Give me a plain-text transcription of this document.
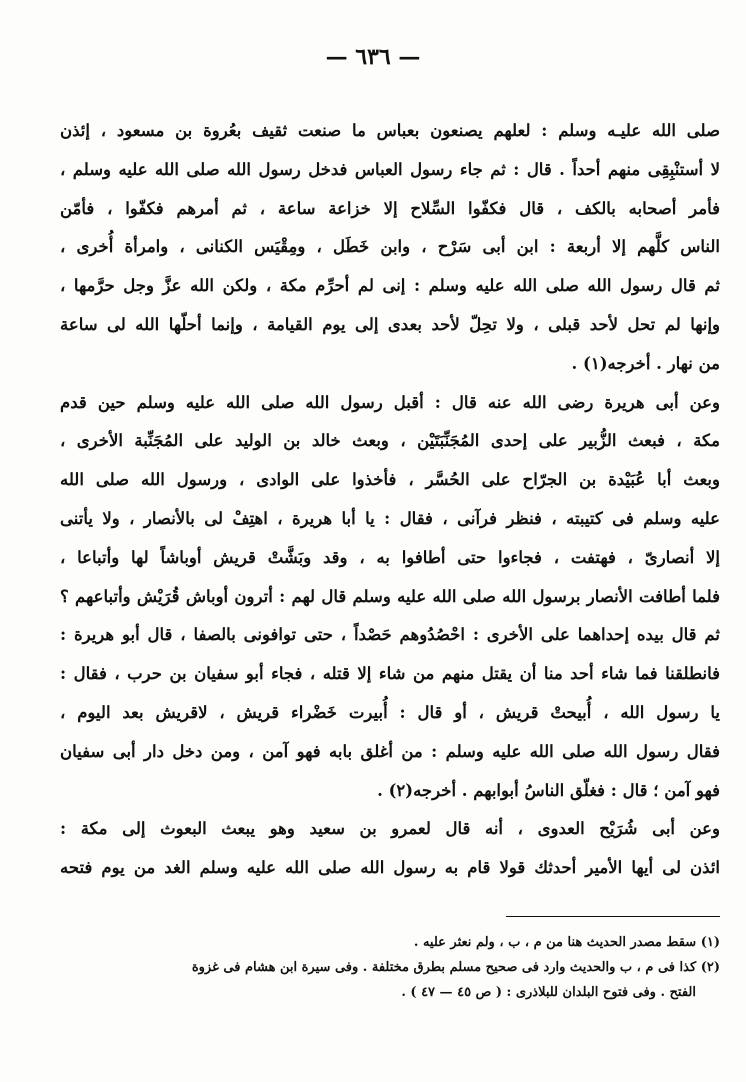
— ٦٣٦ —
صلى الله عليـه وسلم : لعلهم يصنعون بعباس ما صنعت ثقيف بعُروة بن مسعود ، إئذن
لا أستنْبِقِى منهم أحداً . قال : ثم جاء رسول العباس فدخل رسول الله صلى الله عليه وسلم ،
فأمر أصحابه بالكف ، قال فكفّوا السِّلاح إلا خزاعة ساعة ، ثم أمرهم فكفّوا ، فأمّن
الناس كلَّهم إلا أربعة : ابن أبى سَرْح ، وابن خَطَل ، ومِقْيَس الكنانى ، وامرأة أُخرى ،
ثم قال رسول الله صلى الله عليه وسلم : إنى لم أحرِّم مكة ، ولكن الله عزَّ وجل حرَّمها ،
وإنها لم تحل لأحد قبلى ، ولا تحِلّ لأحد بعدى إلى يوم القيامة ، وإنما أحلّها الله لى ساعة
من نهار . أخرجه(١) .
وعن أبى هريرة رضى الله عنه قال : أقبل رسول الله صلى الله عليه وسلم حين قدم
مكة ، فبعث الزُّبير على إحدى المُجَنِّبَتَيْن ، وبعث خالد بن الوليد على المُجَنِّبة الأخرى ،
وبعث أبا عُبَيْدة بن الجرّاح على الحُسَّر ، فأخذوا على الوادى ، ورسول الله صلى الله
عليه وسلم فى كتيبته ، فنظر فرآنى ، فقال : يا أبا هريرة ، اهتِفْ لى بالأنصار ، ولا يأتنى
إلا أنصارىّ ، فهتفت ، فجاءوا حتى أطافوا به ، وقد وبَشَّتْ قريش أوباشاً لها وأتباعا ،
فلما أطافت الأنصار برسول الله صلى الله عليه وسلم قال لهم : أترون أوباش قُرَيْش وأتباعهم ؟
ثم قال بيده إحداهما على الأخرى : احْصُدُوهم حَصْداً ، حتى توافونى بالصفا ، قال أبو هريرة :
فانطلقنا فما شاء أحد منا أن يقتل منهم من شاء إلا قتله ، فجاء أبو سفيان بن حرب ، فقال :
يا رسول الله ، أُبيحتْ قريش ، أو قال : أُبيرت خَضْراء قريش ، لاقريش بعد اليوم ،
فقال رسول الله صلى الله عليه وسلم : من أغلق بابه فهو آمن ، ومن دخل دار أبى سفيان
فهو آمن ؛ قال : فغلّق الناسُ أبوابهم . أخرجه(٢) .
وعن أبى شُرَيْح العدوى ، أنه قال لعمرو بن سعيد وهو يبعث البعوث إلى مكة :
ائذن لى أيها الأمير أحدثك قولا قام به رسول الله صلى الله عليه وسلم الغد من يوم فتحه
(١) سقط مصدر الحديث هنا من م ، ب ، ولم نعثر عليه .
(٢) كذا فى م ، ب والحديث وارد فى صحيح مسلم بطرق مختلفة . وفى سيرة ابن هشام فى غزوة
الفتح . وفى فتوح البلدان للبلاذرى : ( ص ٤٥ — ٤٧ ) .
